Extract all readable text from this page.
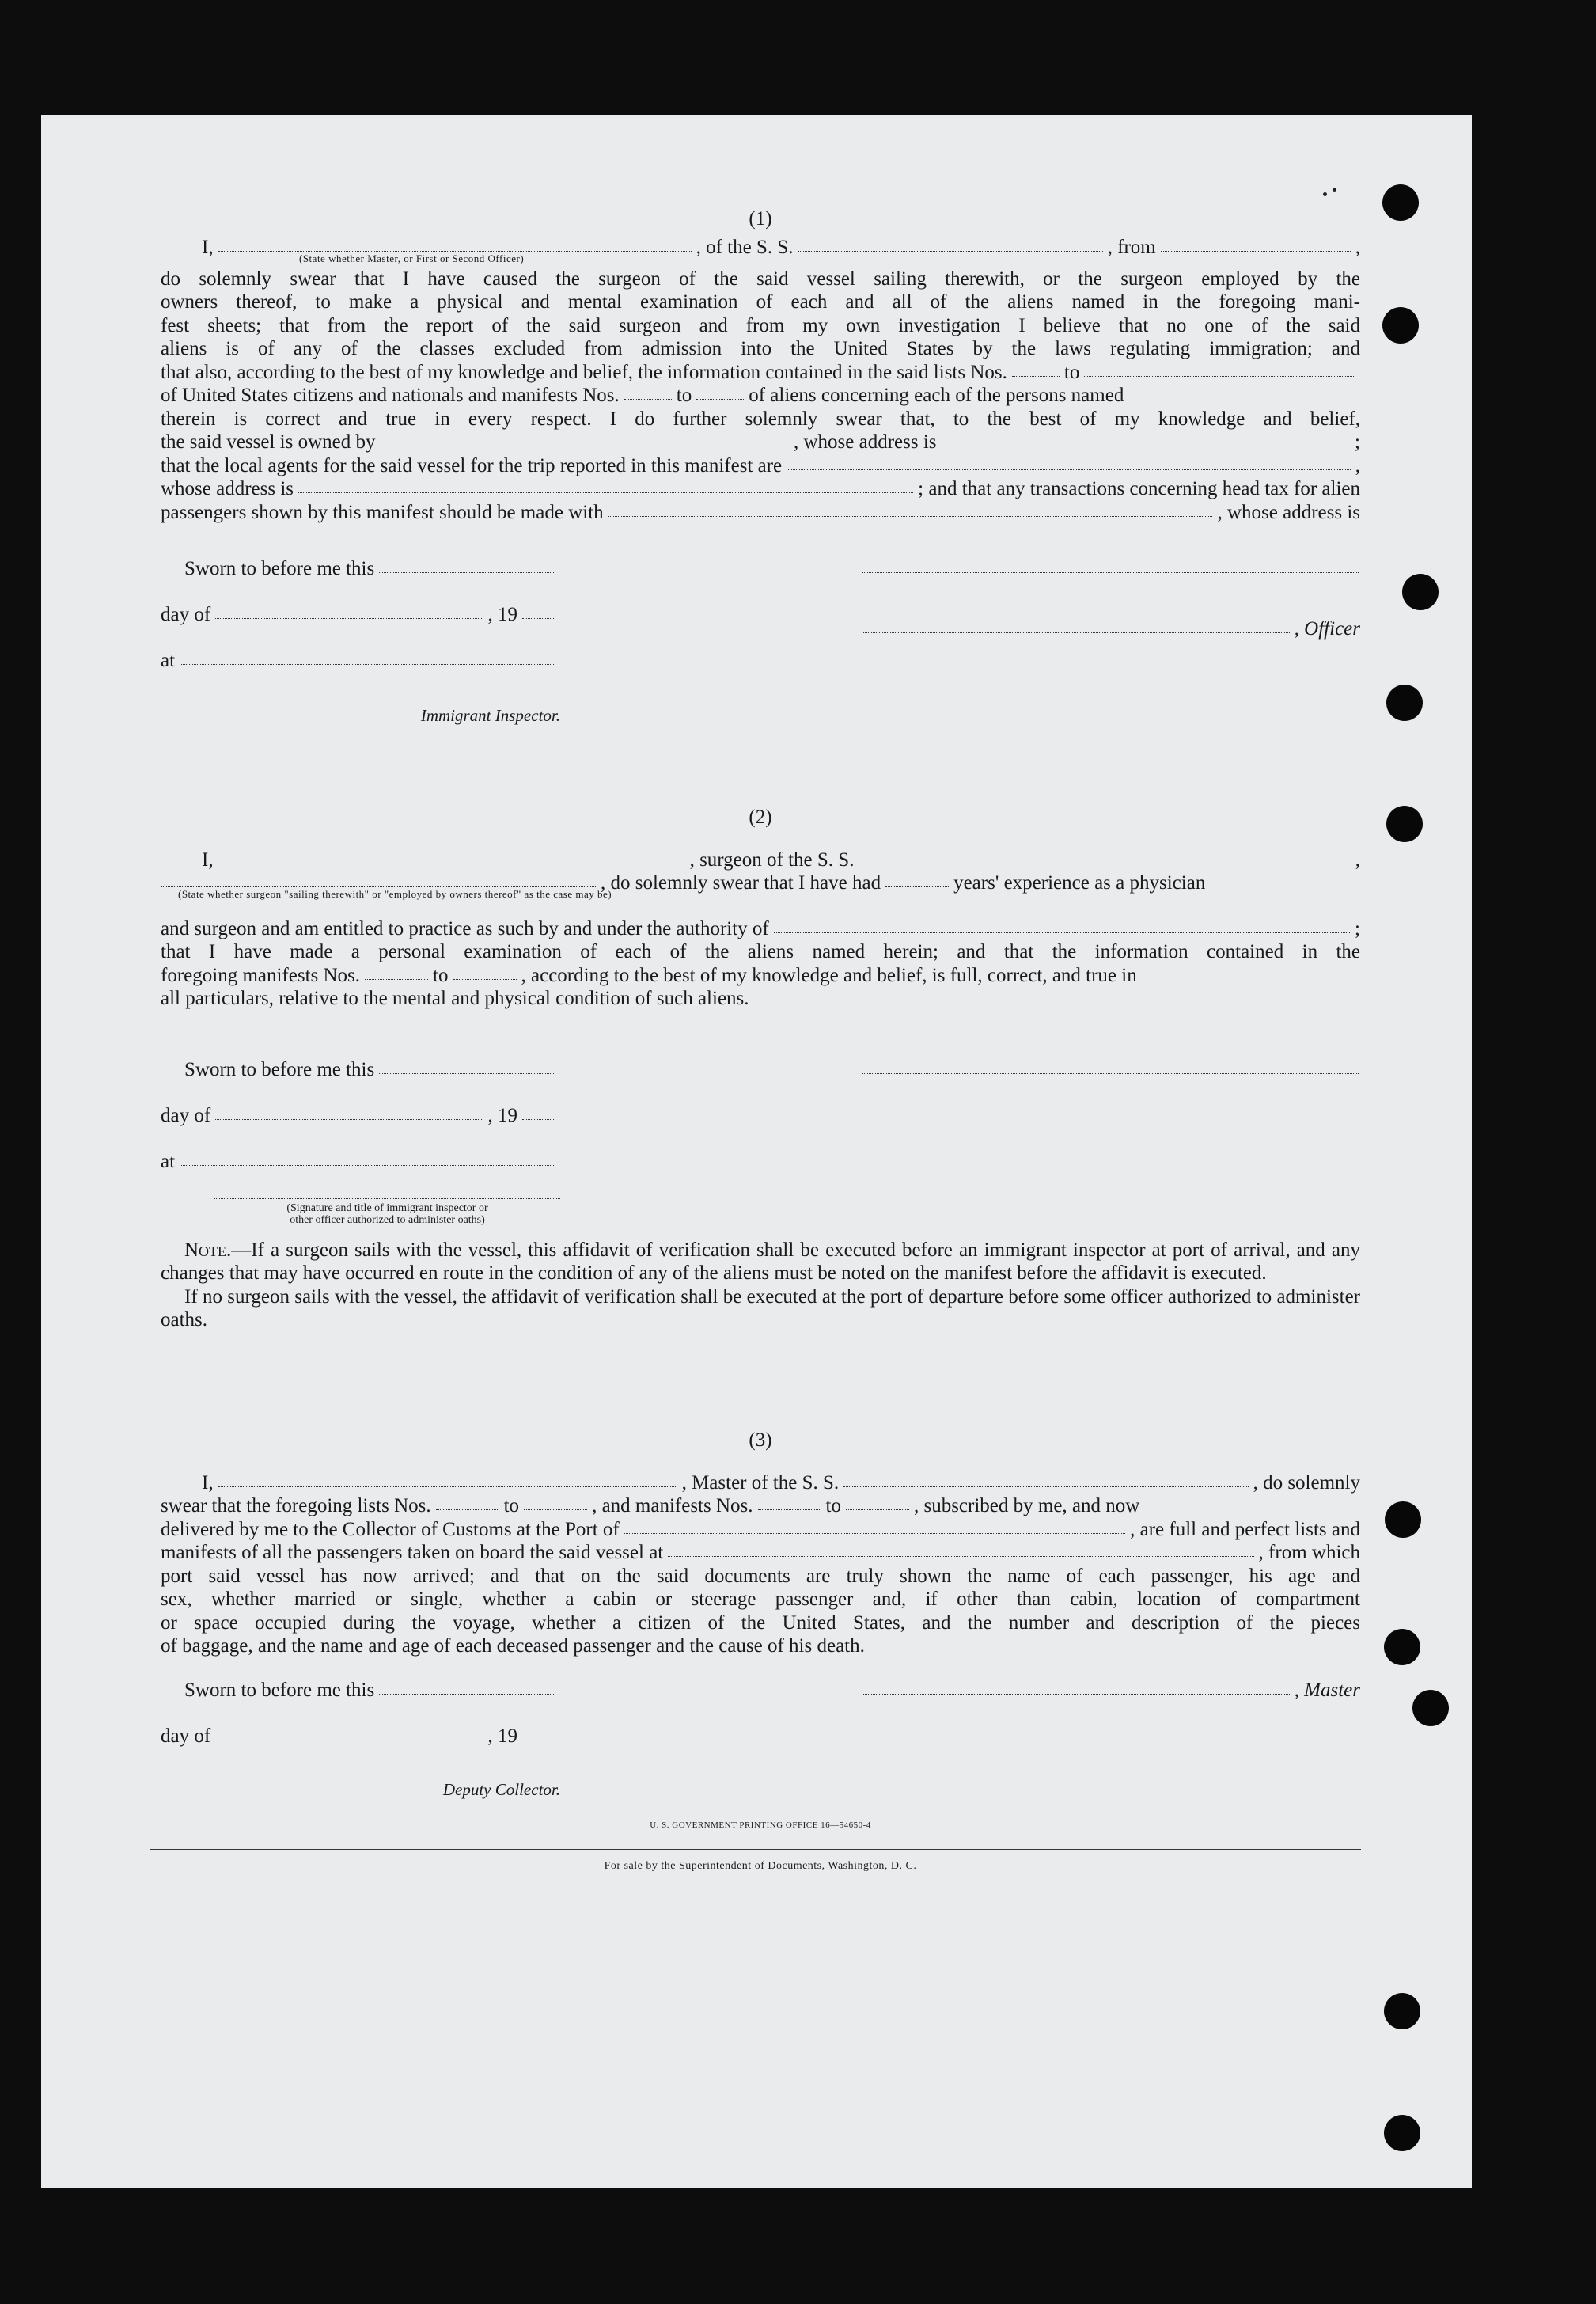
(1)
I,	, of the S. S.	, from	,
(State whether Master, or First or Second Officer)
do solemnly swear that I have caused the surgeon of the said vessel sailing therewith, or the surgeon employed by the
owners thereof, to make a physical and mental examination of each and all of the aliens named in the foregoing mani-
fest sheets; that from the report of the said surgeon and from my own investigation I believe that no one of the said
aliens is of any of the classes excluded from admission into the United States by the laws regulating immigration; and
that also, according to the best of my knowledge and belief, the information contained in the said lists Nos.	to
of United States citizens and nationals and manifests Nos.	to	of aliens concerning each of the persons named
therein is correct and true in every respect. I do further solemnly swear that, to the best of my knowledge and belief,
the said vessel is owned by	, whose address is	;
that the local agents for the said vessel for the trip reported in this manifest are	,
whose address is	; and that any transactions concerning head tax for alien
passengers shown by this manifest should be made with	, whose address is
Sworn to before me this
day of	, 19
at
Immigrant Inspector.
, Officer
(2)
I,	, surgeon of the S. S.	,
, do solemnly swear that I have had	years' experience as a physician
(State whether surgeon "sailing therewith" or "employed by owners thereof" as the case may be)
and surgeon and am entitled to practice as such by and under the authority of	;
that I have made a personal examination of each of the aliens named herein; and that the information contained in the
foregoing manifests Nos.	to	, according to the best of my knowledge and belief, is full, correct, and true in
all particulars, relative to the mental and physical condition of such aliens.
Sworn to before me this
day of	, 19
at
(Signature and title of immigrant inspector or
other officer authorized to administer oaths)
Note.—If a surgeon sails with the vessel, this affidavit of verification shall be executed before an immigrant inspector at port of arrival, and any changes that may have occurred en route in the condition of any of the aliens must be noted on the manifest before the affidavit is executed.
If no surgeon sails with the vessel, the affidavit of verification shall be executed at the port of departure before some officer authorized to administer oaths.
(3)
I,	, Master of the S. S.	, do solemnly
swear that the foregoing lists Nos.	to	, and manifests Nos.	to	, subscribed by me, and now
delivered by me to the Collector of Customs at the Port of	, are full and perfect lists and
manifests of all the passengers taken on board the said vessel at	, from which
port said vessel has now arrived; and that on the said documents are truly shown the name of each passenger, his age and
sex, whether married or single, whether a cabin or steerage passenger and, if other than cabin, location of compartment
or space occupied during the voyage, whether a citizen of the United States, and the number and description of the pieces
of baggage, and the name and age of each deceased passenger and the cause of his death.
Sworn to before me this
day of	, 19
Deputy Collector.
, Master
U. S. GOVERNMENT PRINTING OFFICE 16—54650-4
For sale by the Superintendent of Documents, Washington, D. C.
